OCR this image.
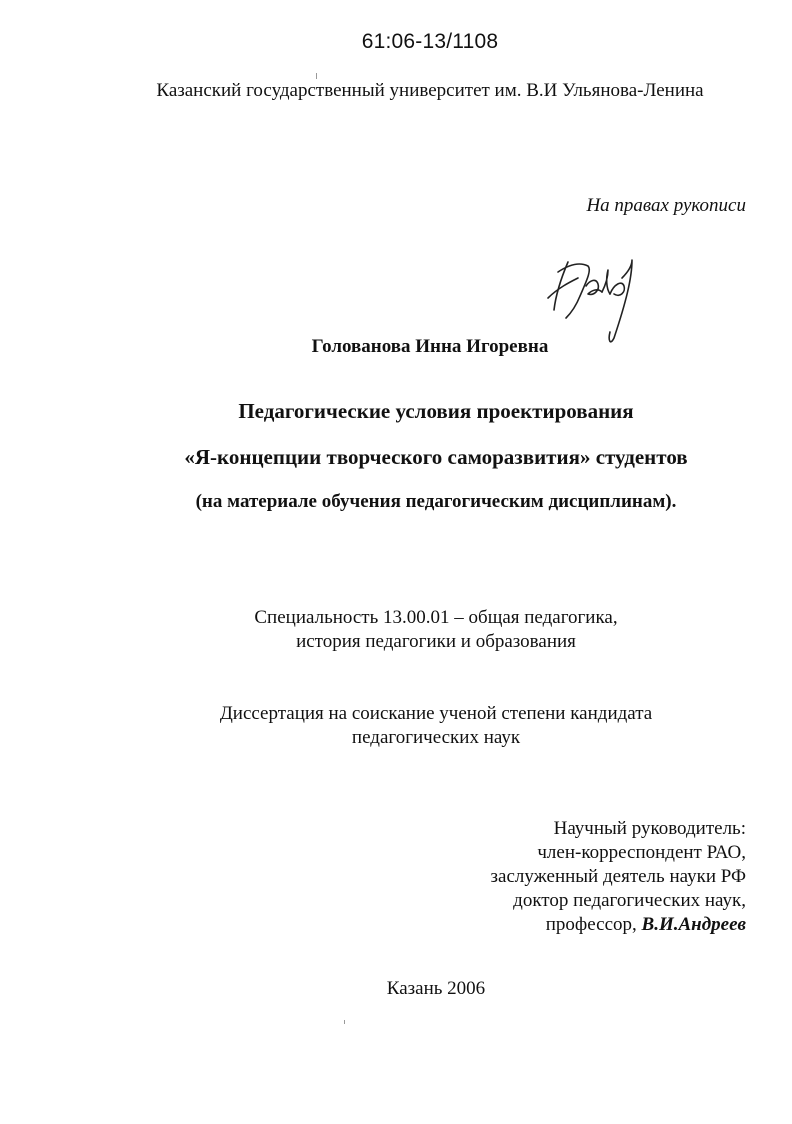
61:06-13/1108
Казанский государственный университет им. В.И Ульянова-Ленина
На правах рукописи
Голованова Инна Игоревна
Педагогические условия проектирования
«Я-концепции творческого саморазвития» студентов
(на материале обучения педагогическим дисциплинам).
Специальность 13.00.01 – общая педагогика,
история педагогики и образования
Диссертация на соискание ученой степени кандидата
педагогических наук
Научный руководитель:
член-корреспондент РАО,
заслуженный деятель науки РФ
доктор педагогических наук,
профессор, В.И.Андреев
Казань 2006
